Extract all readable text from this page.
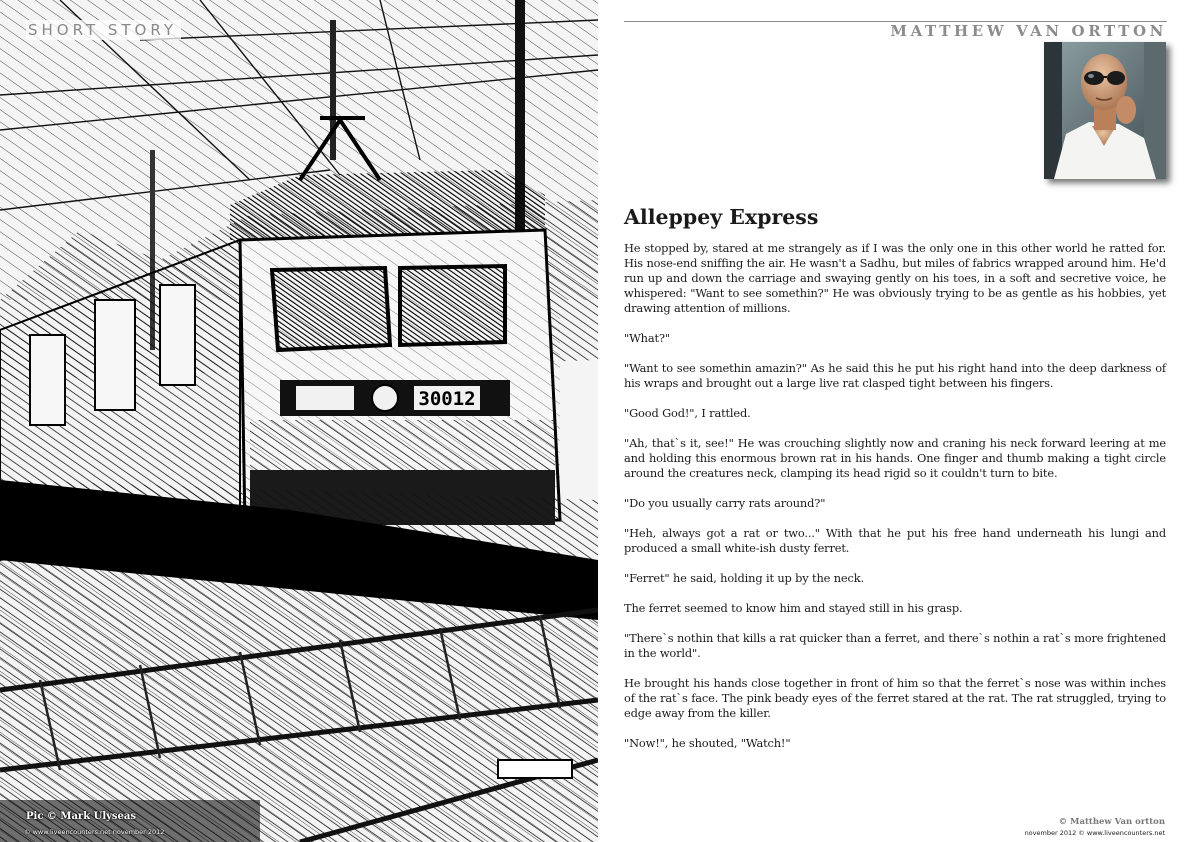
30012
SHORT STORY

Pic © Mark Ulyseas

© www.liveencounters.net november 2012

MATTHEW VAN ORTTON
Alleppey Express

He stopped by, stared at me strangely as if I was the only one in this other world he ratted for. His nose-end sniffing the air. He wasn't a Sadhu, but miles of fabrics wrapped around him. He'd run up and down the carriage and swaying gently on his toes, in a soft and secretive voice, he whispered: "Want to see somethin?" He was obviously trying to be as gentle as his hobbies, yet drawing attention of millions.

"What?"

"Want to see somethin amazin?" As he said this he put his right hand into the deep darkness of his wraps and brought out a large live rat clasped tight between his fingers.

"Good God!", I rattled.

"Ah, that`s it, see!" He was crouching slightly now and craning his neck forward leering at me and holding this enormous brown rat in his hands. One finger and thumb making a tight circle around the creatures neck, clamping its head rigid so it couldn't turn to bite.

"Do you usually carry rats around?"

"Heh, always got a rat or two..." With that he put his free hand underneath his lungi and produced a small white-ish dusty ferret.

"Ferret" he said, holding it up by the neck.

The ferret seemed to know him and stayed still in his grasp.

"There`s nothin that kills a rat quicker than a ferret, and there`s nothin a rat`s more frightened in the world".

He brought his hands close together in front of him so that the ferret`s nose was within inches of the rat`s face. The pink beady eyes of the ferret stared at the rat. The rat struggled, trying to edge away from the killer.

"Now!", he shouted, "Watch!"

© Matthew Van ortton

november 2012 © www.liveencounters.net
